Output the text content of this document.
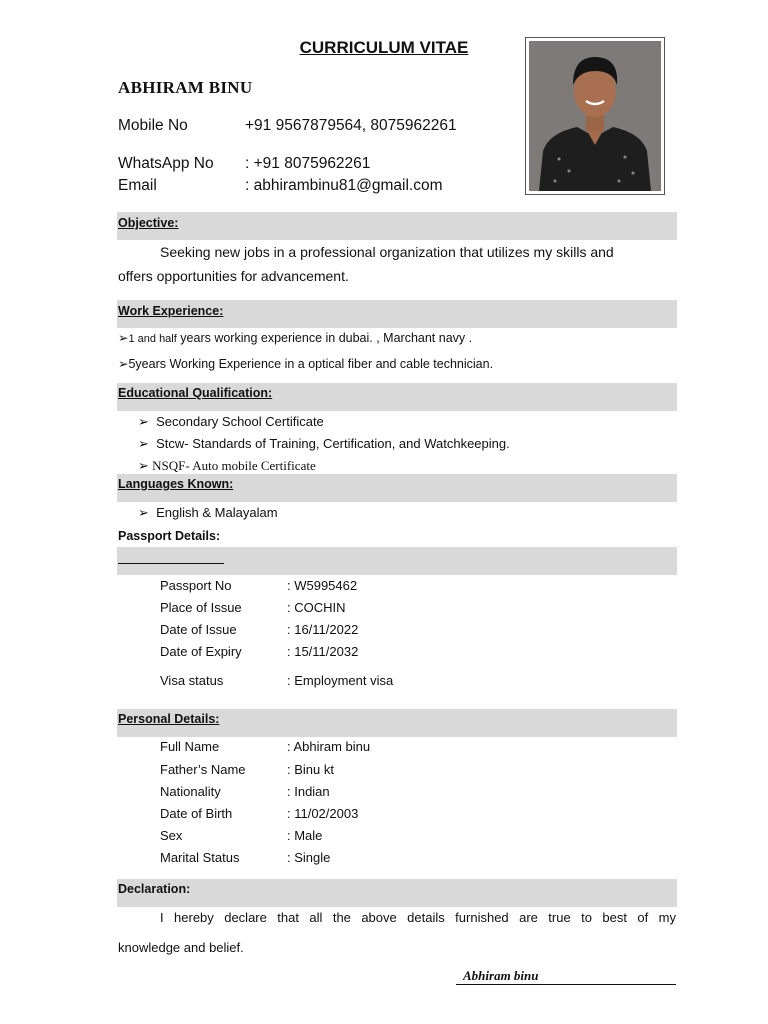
CURRICULUM VITAE
ABHIRAM BINU
Mobile No	+91 9567879564, 8075962261
WhatsApp No : +91 8075962261
Email	: abhirambinu81@gmail.com
Objective:
Seeking new jobs in a professional organization that utilizes my skills and
offers opportunities for advancement.
Work Experience:
➢1 and half years working experience in dubai. , Marchant navy .
➢5years Working Experience in a optical fiber and cable technician.
Educational Qualification:
➢ Secondary School Certificate
➢ Stcw- Standards of Training, Certification, and Watchkeeping.
➢ NSQF- Auto mobile Certificate
Languages Known:
➢ English & Malayalam
Passport Details:
Passport No	: W5995462
Place of Issue	: COCHIN
Date of Issue	: 16/11/2022
Date of Expiry	: 15/11/2032
Visa status	: Employment visa
Personal Details:
Full Name	: Abhiram binu
Father’s Name	: Binu kt
Nationality	: Indian
Date of Birth	: 11/02/2003
Sex	: Male
Marital Status	: Single
Declaration:
I hereby declare that all the above details furnished are true to best of my
knowledge and belief.
Abhiram binu
